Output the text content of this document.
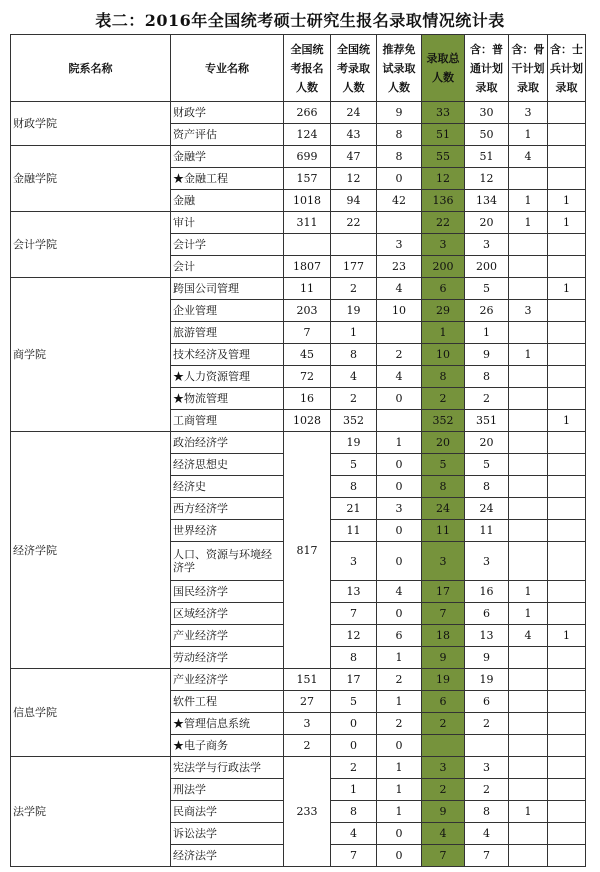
表二：2016年全国统考硕士研究生报名录取情况统计表
院系名称	专业名称	全国统考报名人数	全国统考录取人数	推荐免试录取人数	录取总人数	含：普通计划录取	含：骨干计划录取	含：士兵计划录取
财政学院	财政学	266	24	9	33	30	3	
	资产评估	124	43	8	51	50	1	
金融学院	金融学	699	47	8	55	51	4	
	★金融工程	157	12	0	12	12		
	金融	1018	94	42	136	134	1	1
会计学院	审计	311	22		22	20	1	1
	会计学			3	3	3		
	会计	1807	177	23	200	200		
商学院	跨国公司管理	11	2	4	6	5		1
	企业管理	203	19	10	29	26	3	
	旅游管理	7	1		1	1		
	技术经济及管理	45	8	2	10	9	1	
	★人力资源管理	72	4	4	8	8		
	★物流管理	16	2	0	2	2		
	工商管理	1028	352		352	351		1
经济学院	政治经济学	817	19	1	20	20		
	经济思想史		5	0	5	5		
	经济史		8	0	8	8		
	西方经济学		21	3	24	24		
	世界经济		11	0	11	11		
	人口、资源与环境经济学		3	0	3	3		
	国民经济学		13	4	17	16	1	
	区域经济学		7	0	7	6	1	
	产业经济学		12	6	18	13	4	1
	劳动经济学		8	1	9	9		
信息学院	产业经济学	151	17	2	19	19		
	软件工程	27	5	1	6	6		
	★管理信息系统	3	0	2	2	2		
	★电子商务	2	0	0				
法学院	宪法学与行政法学	233	2	1	3	3		
	刑法学		1	1	2	2		
	民商法学		8	1	9	8	1	
	诉讼法学		4	0	4	4		
	经济法学		7	0	7	7		
